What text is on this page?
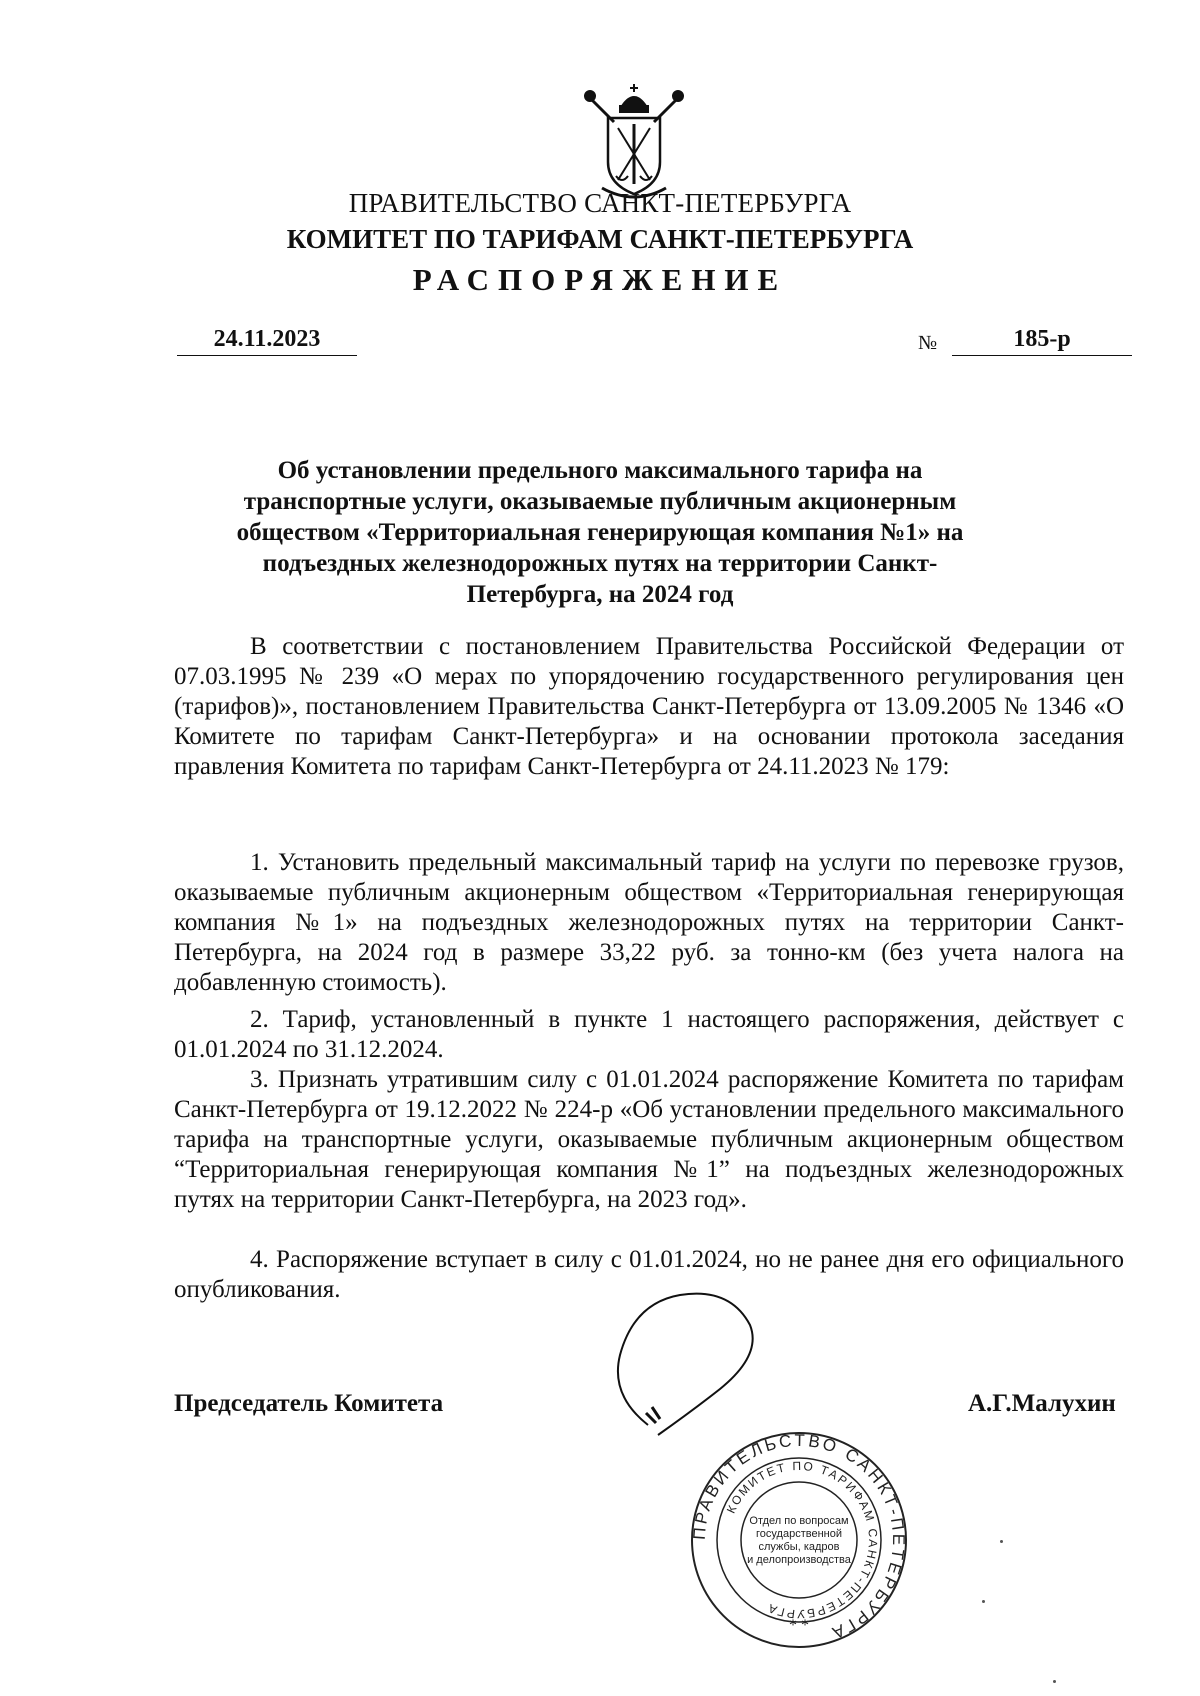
ПРАВИТЕЛЬСТВО САНКТ-ПЕТЕРБУРГА
КОМИТЕТ ПО ТАРИФАМ САНКТ-ПЕТЕРБУРГА
РАСПОРЯЖЕНИЕ
24.11.2023	№	185-р
Об установлении предельного максимального тарифа на транспортные услуги, оказываемые публичным акционерным обществом «Территориальная генерирующая компания №1» на подъездных железнодорожных путях на территории Санкт-Петербурга, на 2024 год
В соответствии с постановлением Правительства Российской Федерации от 07.03.1995 № 239 «О мерах по упорядочению государственного регулирования цен (тарифов)», постановлением Правительства Санкт-Петербурга от 13.09.2005 № 1346 «О Комитете по тарифам Санкт-Петербурга» и на основании протокола заседания правления Комитета по тарифам Санкт-Петербурга от 24.11.2023 № 179:
1. Установить предельный максимальный тариф на услуги по перевозке грузов, оказываемые публичным акционерным обществом «Территориальная генерирующая компания №1» на подъездных железнодорожных путях на территории Санкт-Петербурга, на 2024 год в размере 33,22 руб. за тонно-км (без учета налога на добавленную стоимость).
2. Тариф, установленный в пункте 1 настоящего распоряжения, действует с 01.01.2024 по 31.12.2024.
3. Признать утратившим силу с 01.01.2024 распоряжение Комитета по тарифам Санкт-Петербурга от 19.12.2022 № 224-р «Об установлении предельного максимального тарифа на транспортные услуги, оказываемые публичным акционерным обществом “Территориальная генерирующая компания №1” на подъездных железнодорожных путях на территории Санкт-Петербурга, на 2023 год».
4. Распоряжение вступает в силу с 01.01.2024, но не ранее дня его официального опубликования.
Председатель Комитета	А.Г.Малухин
ПРАВИТЕЛЬСТВО САНКТ-ПЕТЕРБУРГА
КОМИТЕТ ПО ТАРИФАМ САНКТ-ПЕТЕРБУРГА
Отдел по вопросам
государственной
службы, кадров
и делопроизводства
* *
